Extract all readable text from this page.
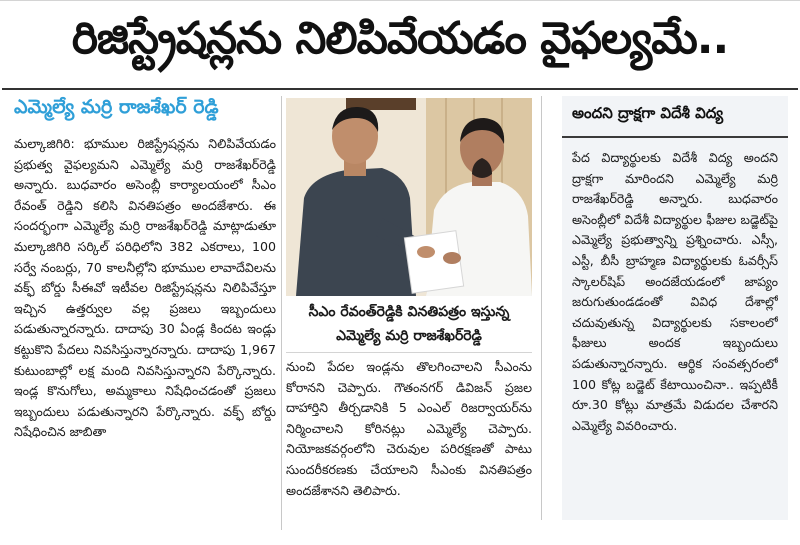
రిజిస్ట్రేషన్లను నిలిపివేయడం వైఫల్యమే..
ఎమ్మెల్యే మర్రి రాజశేఖర్ రెడ్డి
మల్కాజిగిరి: భూముల రిజిస్ట్రేషన్లను నిలిపివేయడం ప్రభుత్వ వైఫల్యమని ఎమ్మెల్యే మర్రి రాజశేఖర్‌రెడ్డి అన్నారు. బుధవారం అసెంబ్లీ కార్యాలయంలో సీఎం రేవంత్ రెడ్డిని కలిసి వినతిపత్రం అందజేశారు. ఈ సందర్భంగా ఎమ్మెల్యే మర్రి రాజశేఖర్‌రెడ్డి మాట్లాడుతూ మల్కాజిగిరి సర్కిల్ పరిధిలోని 382 ఎకరాలు, 100 సర్వే నంబర్లు, 70 కాలనీల్లోని భూముల లావాదేవిలను వక్ఫ్ బోర్డు సీఈవో ఇటీవల రిజిస్ట్రేషన్లను నిలిపివేస్తూ ఇచ్చిన ఉత్తర్వుల వల్ల ప్రజలు ఇబ్బందులు పడుతున్నారన్నారు. దాదాపు 30 ఏండ్ల కిందట ఇండ్లు కట్టుకొని పేదలు నివసిస్తున్నారన్నారు. దాదాపు 1,967 కుటుంబాల్లో లక్ష మంది నివసిస్తున్నారని పేర్కొన్నారు. ఇండ్ల కొనుగోలు, అమ్మకాలు నిషేధించడంతో ప్రజలు ఇబ్బందులు పడుతున్నారని పేర్కొన్నారు. వక్ఫ్ బోర్డు నిషేధించిన జాబితా
సీఎం రేవంత్‌రెడ్డికి వినతిపత్రం ఇస్తున్న
ఎమ్మెల్యే మర్రి రాజశేఖర్‌రెడ్డి
నుంచి పేదల ఇండ్లను తొలగించాలని సీఎంను కోరానని చెప్పారు. గౌతంనగర్ డివిజన్ ప్రజల దాహార్తిని తీర్చడానికి 5 ఎంఎల్ రిజర్వాయర్‌ను నిర్మించాలని కోరినట్లు ఎమ్మెల్యే చెప్పారు. నియోజకవర్గంలోని చెరువుల పరిరక్షణతో పాటు సుందరీకరణకు చేయాలని సీఎంకు వినతిపత్రం అందజేశానని తెలిపారు.
అందని ద్రాక్షగా విదేశీ విద్య
పేద విద్యార్థులకు విదేశీ విద్య అందని ద్రాక్షగా మారిందని ఎమ్మెల్యే మర్రి రాజశేఖర్‌రెడ్డి అన్నారు. బుధవారం అసెంబ్లీలో విదేశీ విద్యార్థుల ఫీజుల బడ్జెట్‌పై ఎమ్మెల్యే ప్రభుత్వాన్ని ప్రశ్నించారు. ఎస్సీ, ఎస్టీ, బీసీ బ్రాహ్మణ విద్యార్థులకు ఓవర్సీస్ స్కాలర్‌షిప్ అందజేయడంలో జాప్యం జరుగుతుండడంతో వివిధ దేశాల్లో చదువుతున్న విద్యార్థులకు సకాలంలో ఫీజులు అందక ఇబ్బందులు పడుతున్నారన్నారు. ఆర్థిక సంవత్సరంలో 100 కోట్ల బడ్జెట్ కేటాయించినా.. ఇప్పటికీ రూ.30 కోట్లు మాత్రమే విడుదల చేశారని ఎమ్మెల్యే వివరించారు.
